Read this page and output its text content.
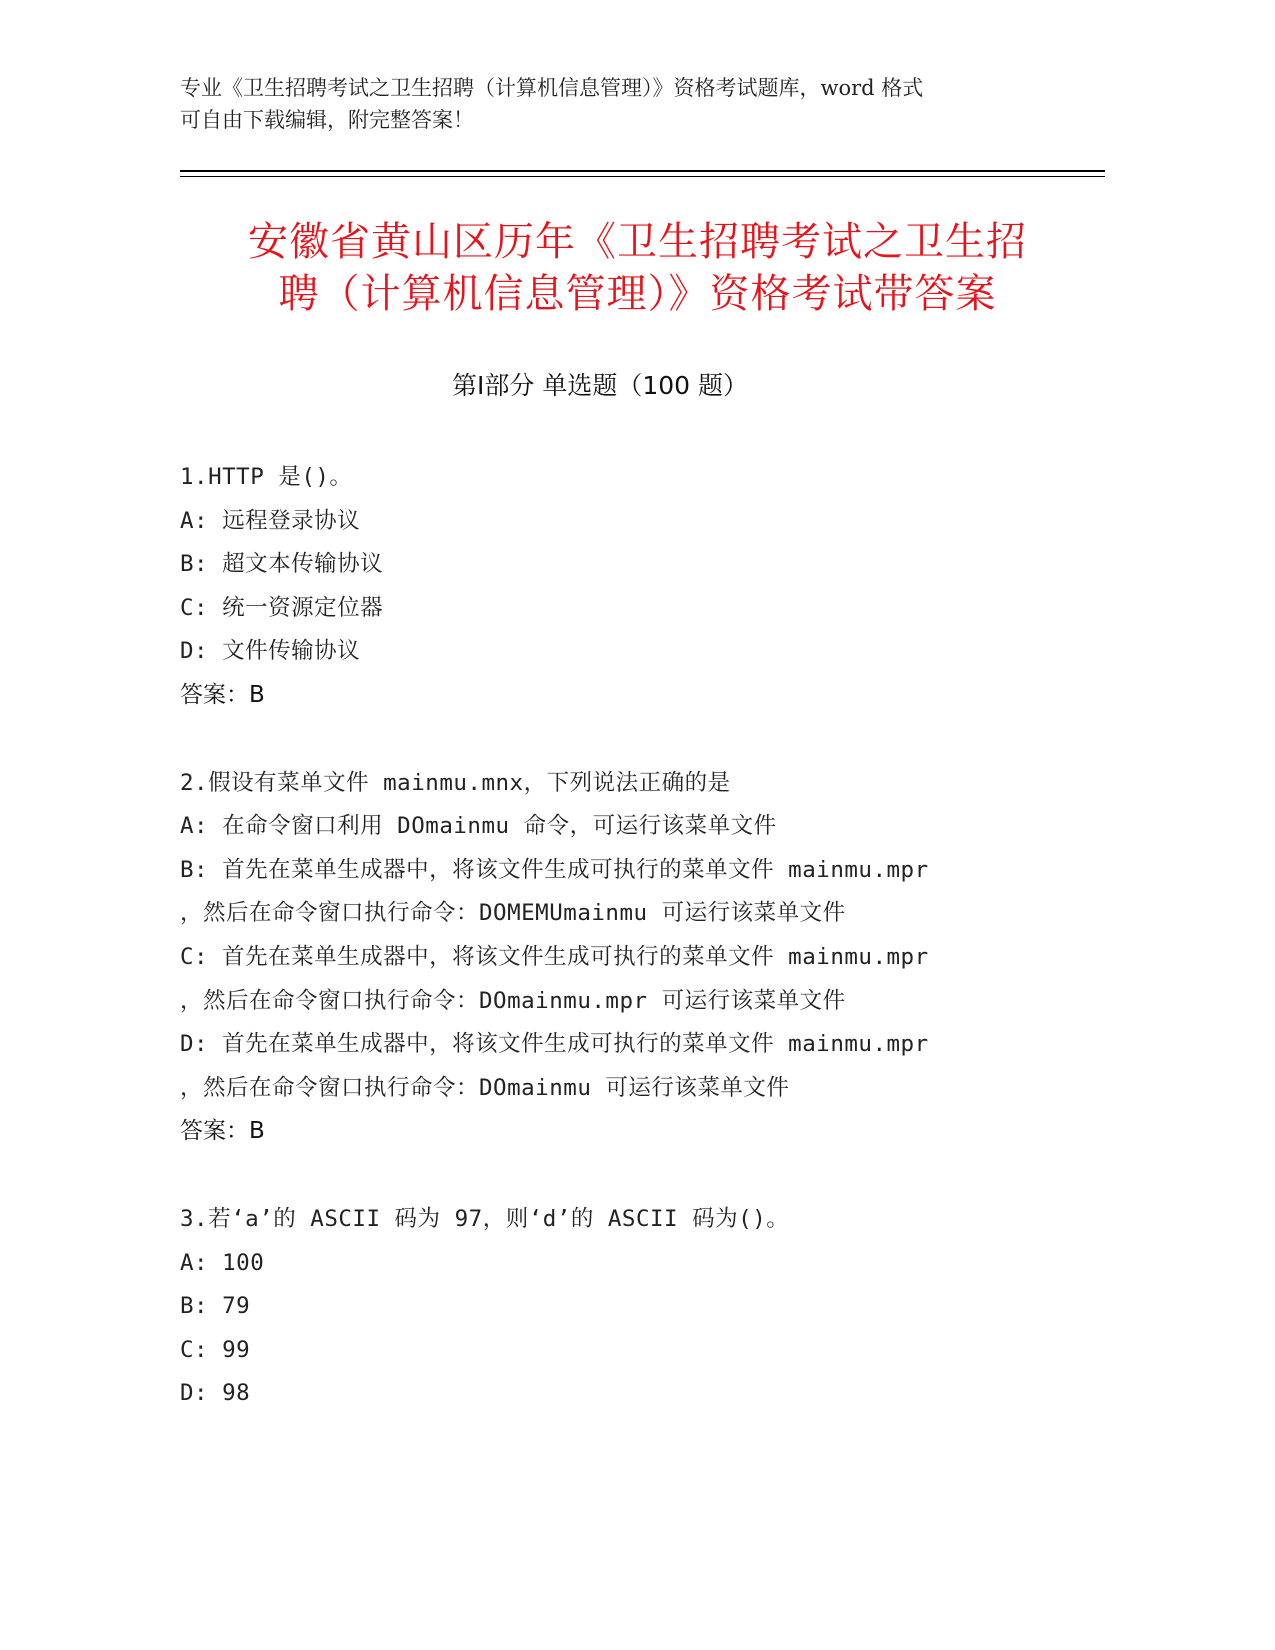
专业《卫生招聘考试之卫生招聘（计算机信息管理）》资格考试题库，word 格式
可自由下载编辑，附完整答案！
安徽省黄山区历年《卫生招聘考试之卫生招
聘（计算机信息管理）》资格考试带答案
第Ⅰ部分 单选题（100 题）
1.HTTP 是()。
A: 远程登录协议
B: 超文本传输协议
C: 统一资源定位器
D: 文件传输协议
答案：B
2.假设有菜单文件 mainmu.mnx，下列说法正确的是
A: 在命令窗口利用 DOmainmu 命令，可运行该菜单文件
B: 首先在菜单生成器中，将该文件生成可执行的菜单文件 mainmu.mpr
，然后在命令窗口执行命令：DOMEMUmainmu 可运行该菜单文件
C: 首先在菜单生成器中，将该文件生成可执行的菜单文件 mainmu.mpr
，然后在命令窗口执行命令：DOmainmu.mpr 可运行该菜单文件
D: 首先在菜单生成器中，将该文件生成可执行的菜单文件 mainmu.mpr
，然后在命令窗口执行命令：DOmainmu 可运行该菜单文件
答案：B
3.若‘a’的 ASCII 码为 97，则‘d’的 ASCII 码为()。
A: 100
B: 79
C: 99
D: 98
